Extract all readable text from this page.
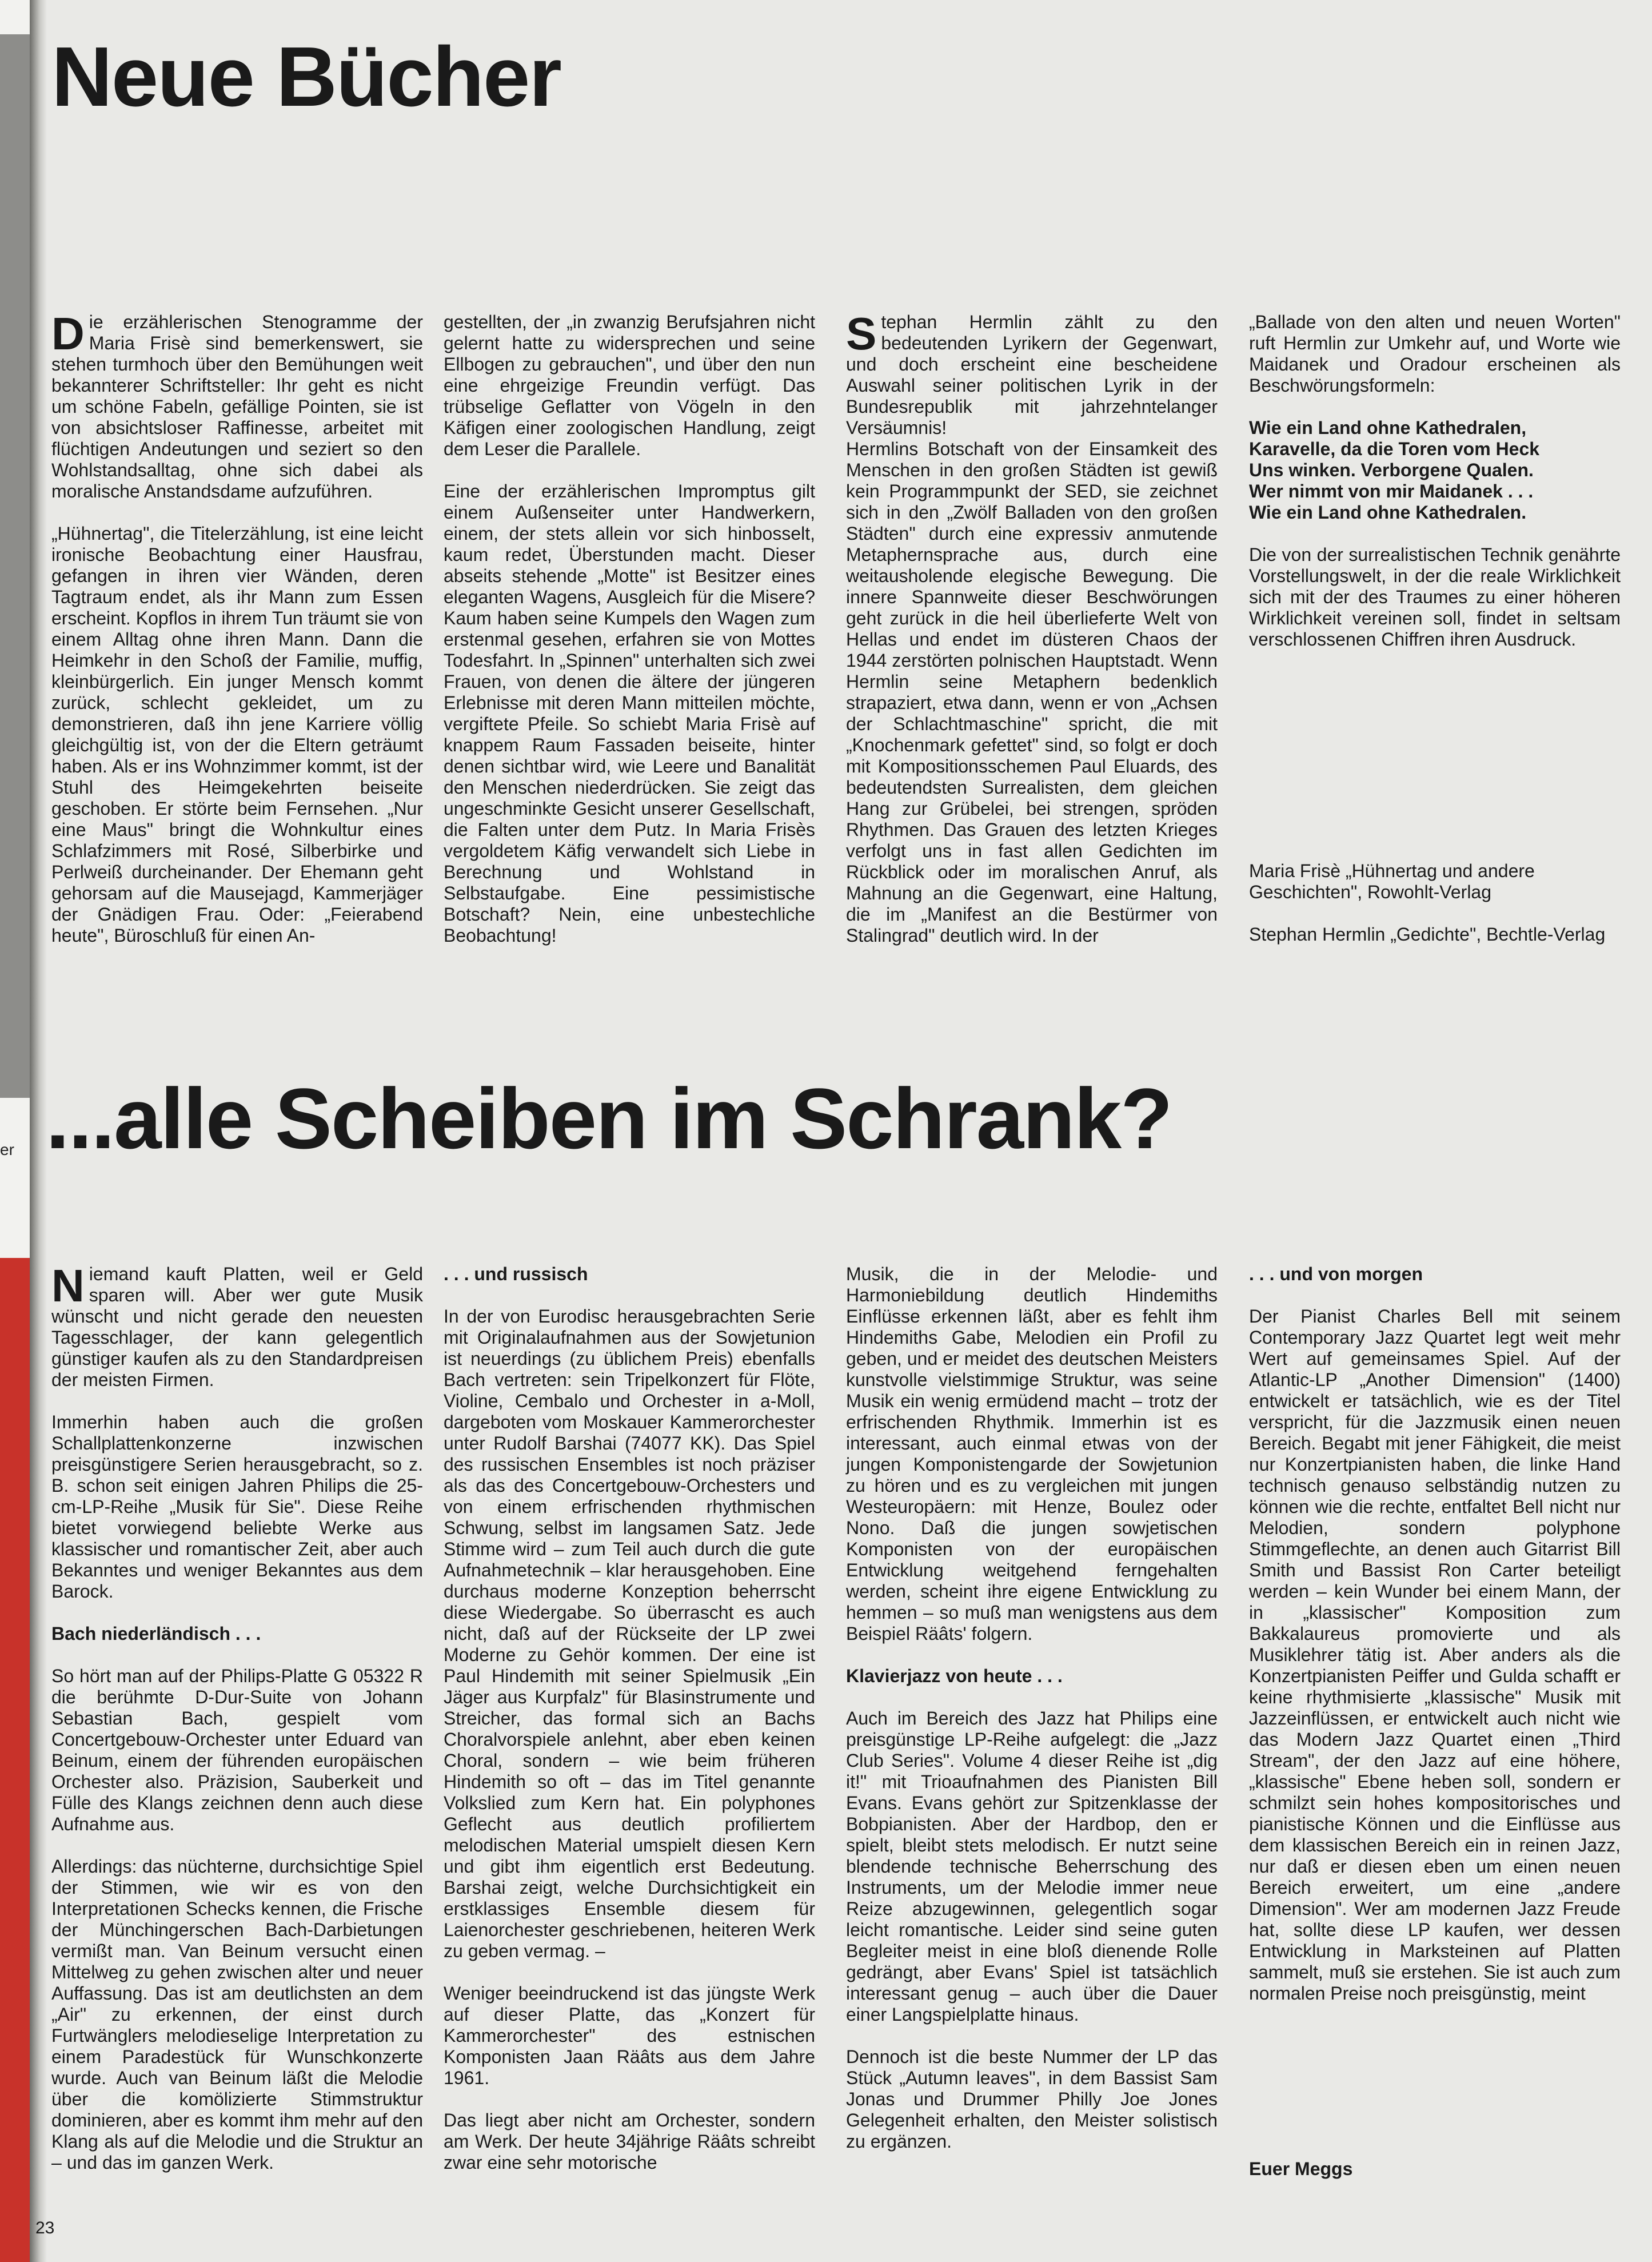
er
Neue Bücher

Die erzählerischen Stenogramme der Maria Frisè sind bemerkenswert, sie stehen turmhoch über den Bemühungen weit bekannterer Schriftsteller: Ihr geht es nicht um schöne Fabeln, gefällige Pointen, sie ist von absichtsloser Raffinesse, arbeitet mit flüchtigen Andeutungen und seziert so den Wohlstandsalltag, ohne sich dabei als moralische Anstandsdame aufzuführen.

„Hühnertag", die Titelerzählung, ist eine leicht ironische Beobachtung einer Hausfrau, gefangen in ihren vier Wänden, deren Tagtraum endet, als ihr Mann zum Essen erscheint. Kopflos in ihrem Tun träumt sie von einem Alltag ohne ihren Mann. Dann die Heimkehr in den Schoß der Familie, muffig, kleinbürgerlich. Ein junger Mensch kommt zurück, schlecht gekleidet, um zu demonstrieren, daß ihn jene Karriere völlig gleichgültig ist, von der die Eltern geträumt haben. Als er ins Wohnzimmer kommt, ist der Stuhl des Heimgekehrten beiseite geschoben. Er störte beim Fernsehen. „Nur eine Maus" bringt die Wohnkultur eines Schlafzimmers mit Rosé, Silberbirke und Perlweiß durcheinander. Der Ehemann geht gehorsam auf die Mausejagd, Kammerjäger der Gnädigen Frau. Oder: „Feierabend heute", Büroschluß für einen An-

gestellten, der „in zwanzig Berufsjahren nicht gelernt hatte zu widersprechen und seine Ellbogen zu gebrauchen", und über den nun eine ehrgeizige Freundin verfügt. Das trübselige Geflatter von Vögeln in den Käfigen einer zoologischen Handlung, zeigt dem Leser die Parallele.

Eine der erzählerischen Impromptus gilt einem Außenseiter unter Handwerkern, einem, der stets allein vor sich hinbosselt, kaum redet, Überstunden macht. Dieser abseits stehende „Motte" ist Besitzer eines eleganten Wagens, Ausgleich für die Misere? Kaum haben seine Kumpels den Wagen zum erstenmal gesehen, erfahren sie von Mottes Todesfahrt. In „Spinnen" unterhalten sich zwei Frauen, von denen die ältere der jüngeren Erlebnisse mit deren Mann mitteilen möchte, vergiftete Pfeile. So schiebt Maria Frisè auf knappem Raum Fassaden beiseite, hinter denen sichtbar wird, wie Leere und Banalität den Menschen niederdrücken. Sie zeigt das ungeschminkte Gesicht unserer Gesellschaft, die Falten unter dem Putz. In Maria Frisès vergoldetem Käfig verwandelt sich Liebe in Berechnung und Wohlstand in Selbstaufgabe. Eine pessimistische Botschaft? Nein, eine unbestechliche Beobachtung!

Stephan Hermlin zählt zu den bedeutenden Lyrikern der Gegenwart, und doch erscheint eine bescheidene Auswahl seiner politischen Lyrik in der Bundesrepublik mit jahrzehntelanger Versäumnis!

Hermlins Botschaft von der Einsamkeit des Menschen in den großen Städten ist gewiß kein Programmpunkt der SED, sie zeichnet sich in den „Zwölf Balladen von den großen Städten" durch eine expressiv anmutende Metaphernsprache aus, durch eine weitausholende elegische Bewegung. Die innere Spannweite dieser Beschwörungen geht zurück in die heil überlieferte Welt von Hellas und endet im düsteren Chaos der 1944 zerstörten polnischen Hauptstadt. Wenn Hermlin seine Metaphern bedenklich strapaziert, etwa dann, wenn er von „Achsen der Schlachtmaschine" spricht, die mit „Knochenmark gefettet" sind, so folgt er doch mit Kompositionsschemen Paul Eluards, des bedeutendsten Surrealisten, dem gleichen Hang zur Grübelei, bei strengen, spröden Rhythmen. Das Grauen des letzten Krieges verfolgt uns in fast allen Gedichten im Rückblick oder im moralischen Anruf, als Mahnung an die Gegenwart, eine Haltung, die im „Manifest an die Bestürmer von Stalingrad" deutlich wird. In der

„Ballade von den alten und neuen Worten" ruft Hermlin zur Umkehr auf, und Worte wie Maidanek und Oradour erscheinen als Beschwörungsformeln:

Wie ein Land ohne Kathedralen,
Karavelle, da die Toren vom Heck
Uns winken. Verborgene Qualen.
Wer nimmt von mir Maidanek . . .
Wie ein Land ohne Kathedralen.

Die von der surrealistischen Technik genährte Vorstellungswelt, in der die reale Wirklichkeit sich mit der des Traumes zu einer höheren Wirklichkeit vereinen soll, findet in seltsam verschlossenen Chiffren ihren Ausdruck.

Maria Frisè „Hühnertag und andere Geschichten", Rowohlt-Verlag

Stephan Hermlin „Gedichte", Bechtle-Verlag

...alle Scheiben im Schrank?

Niemand kauft Platten, weil er Geld sparen will. Aber wer gute Musik wünscht und nicht gerade den neuesten Tagesschlager, der kann gelegentlich günstiger kaufen als zu den Standardpreisen der meisten Firmen.

Immerhin haben auch die großen Schallplattenkonzerne inzwischen preisgünstigere Serien herausgebracht, so z. B. schon seit einigen Jahren Philips die 25-cm-LP-Reihe „Musik für Sie". Diese Reihe bietet vorwiegend beliebte Werke aus klassischer und romantischer Zeit, aber auch Bekanntes und weniger Bekanntes aus dem Barock.

Bach niederländisch . . .

So hört man auf der Philips-Platte G 05322 R die berühmte D-Dur-Suite von Johann Sebastian Bach, gespielt vom Concertgebouw-Orchester unter Eduard van Beinum, einem der führenden europäischen Orchester also. Präzision, Sauberkeit und Fülle des Klangs zeichnen denn auch diese Aufnahme aus.

Allerdings: das nüchterne, durchsichtige Spiel der Stimmen, wie wir es von den Interpretationen Schecks kennen, die Frische der Münchingerschen Bach-Darbietungen vermißt man. Van Beinum versucht einen Mittelweg zu gehen zwischen alter und neuer Auffassung. Das ist am deutlichsten an dem „Air" zu erkennen, der einst durch Furtwänglers melodieselige Interpretation zu einem Paradestück für Wunschkonzerte wurde. Auch van Beinum läßt die Melodie über die komölizierte Stimmstruktur dominieren, aber es kommt ihm mehr auf den Klang als auf die Melodie und die Struktur an – und das im ganzen Werk.

. . . und russisch

In der von Eurodisc herausgebrachten Serie mit Originalaufnahmen aus der Sowjetunion ist neuerdings (zu üblichem Preis) ebenfalls Bach vertreten: sein Tripelkonzert für Flöte, Violine, Cembalo und Orchester in a-Moll, dargeboten vom Moskauer Kammerorchester unter Rudolf Barshai (74077 KK). Das Spiel des russischen Ensembles ist noch präziser als das des Concertgebouw-Orchesters und von einem erfrischenden rhythmischen Schwung, selbst im langsamen Satz. Jede Stimme wird – zum Teil auch durch die gute Aufnahmetechnik – klar herausgehoben. Eine durchaus moderne Konzeption beherrscht diese Wiedergabe. So überrascht es auch nicht, daß auf der Rückseite der LP zwei Moderne zu Gehör kommen. Der eine ist Paul Hindemith mit seiner Spielmusik „Ein Jäger aus Kurpfalz" für Blasinstrumente und Streicher, das formal sich an Bachs Choralvorspiele anlehnt, aber eben keinen Choral, sondern – wie beim früheren Hindemith so oft – das im Titel genannte Volkslied zum Kern hat. Ein polyphones Geflecht aus deutlich profiliertem melodischen Material umspielt diesen Kern und gibt ihm eigentlich erst Bedeutung. Barshai zeigt, welche Durchsichtigkeit ein erstklassiges Ensemble diesem für Laienorchester geschriebenen, heiteren Werk zu geben vermag. –

Weniger beeindruckend ist das jüngste Werk auf dieser Platte, das „Konzert für Kammerorchester" des estnischen Komponisten Jaan Räâts aus dem Jahre 1961.

Das liegt aber nicht am Orchester, sondern am Werk. Der heute 34jährige Räâts schreibt zwar eine sehr motorische

Musik, die in der Melodie- und Harmoniebildung deutlich Hindemiths Einflüsse erkennen läßt, aber es fehlt ihm Hindemiths Gabe, Melodien ein Profil zu geben, und er meidet des deutschen Meisters kunstvolle vielstimmige Struktur, was seine Musik ein wenig ermüdend macht – trotz der erfrischenden Rhythmik. Immerhin ist es interessant, auch einmal etwas von der jungen Komponistengarde der Sowjetunion zu hören und es zu vergleichen mit jungen Westeuropäern: mit Henze, Boulez oder Nono. Daß die jungen sowjetischen Komponisten von der europäischen Entwicklung weitgehend ferngehalten werden, scheint ihre eigene Entwicklung zu hemmen – so muß man wenigstens aus dem Beispiel Räâts' folgern.

Klavierjazz von heute . . .

Auch im Bereich des Jazz hat Philips eine preisgünstige LP-Reihe aufgelegt: die „Jazz Club Series". Volume 4 dieser Reihe ist „dig it!" mit Trioaufnahmen des Pianisten Bill Evans. Evans gehört zur Spitzenklasse der Bobpianisten. Aber der Hardbop, den er spielt, bleibt stets melodisch. Er nutzt seine blendende technische Beherrschung des Instruments, um der Melodie immer neue Reize abzugewinnen, gelegentlich sogar leicht romantische. Leider sind seine guten Begleiter meist in eine bloß dienende Rolle gedrängt, aber Evans' Spiel ist tatsächlich interessant genug – auch über die Dauer einer Langspielplatte hinaus.

Dennoch ist die beste Nummer der LP das Stück „Autumn leaves", in dem Bassist Sam Jonas und Drummer Philly Joe Jones Gelegenheit erhalten, den Meister solistisch zu ergänzen.

. . . und von morgen

Der Pianist Charles Bell mit seinem Contemporary Jazz Quartet legt weit mehr Wert auf gemeinsames Spiel. Auf der Atlantic-LP „Another Dimension" (1400) entwickelt er tatsächlich, wie es der Titel verspricht, für die Jazzmusik einen neuen Bereich. Begabt mit jener Fähigkeit, die meist nur Konzertpianisten haben, die linke Hand technisch genauso selbständig nutzen zu können wie die rechte, entfaltet Bell nicht nur Melodien, sondern polyphone Stimmgeflechte, an denen auch Gitarrist Bill Smith und Bassist Ron Carter beteiligt werden – kein Wunder bei einem Mann, der in „klassischer" Komposition zum Bakkalaureus promovierte und als Musiklehrer tätig ist. Aber anders als die Konzertpianisten Peiffer und Gulda schafft er keine rhythmisierte „klassische" Musik mit Jazzeinflüssen, er entwickelt auch nicht wie das Modern Jazz Quartet einen „Third Stream", der den Jazz auf eine höhere, „klassische" Ebene heben soll, sondern er schmilzt sein hohes kompositorisches und pianistische Können und die Einflüsse aus dem klassischen Bereich ein in reinen Jazz, nur daß er diesen eben um einen neuen Bereich erweitert, um eine „andere Dimension". Wer am modernen Jazz Freude hat, sollte diese LP kaufen, wer dessen Entwicklung in Marksteinen auf Platten sammelt, muß sie erstehen. Sie ist auch zum normalen Preise noch preisgünstig, meint

Euer Meggs
23
